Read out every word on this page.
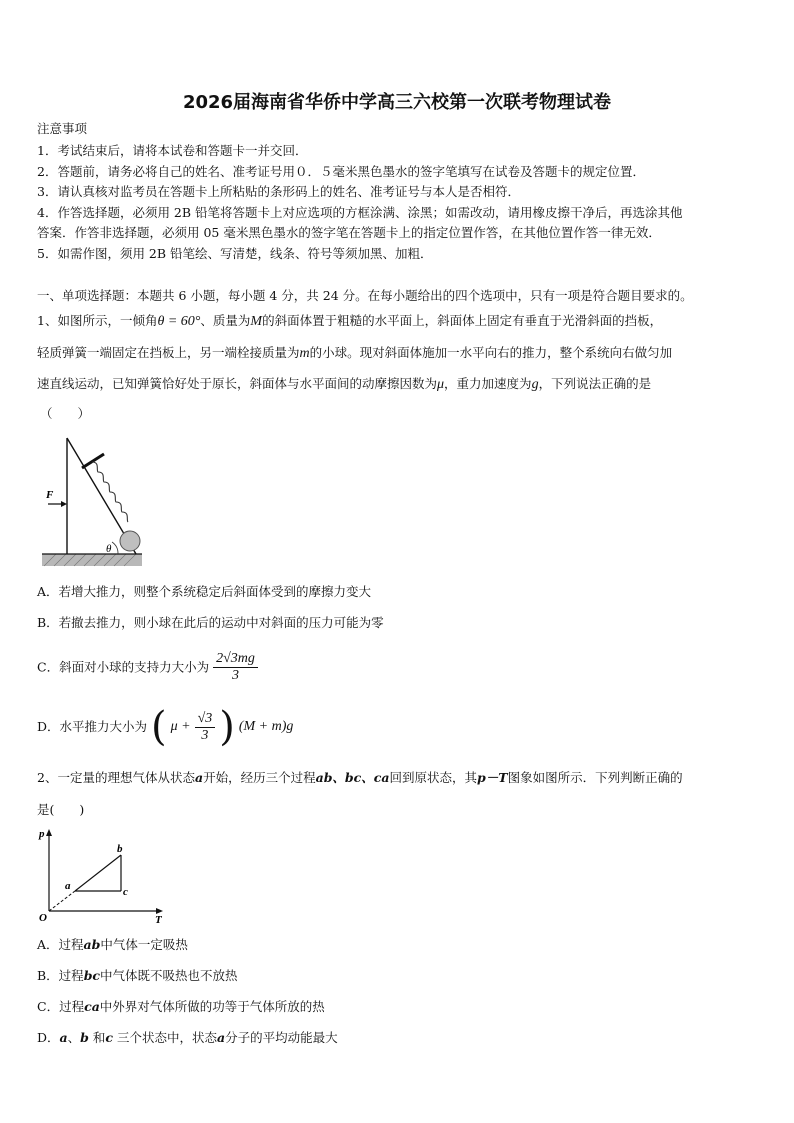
2026届海南省华侨中学高三六校第一次联考物理试卷
注意事项
1．考试结束后，请将本试卷和答题卡一并交回．
2．答题前，请务必将自己的姓名、准考证号用０．５毫米黑色墨水的签字笔填写在试卷及答题卡的规定位置．
3．请认真核对监考员在答题卡上所粘贴的条形码上的姓名、准考证号与本人是否相符．
4．作答选择题，必须用 2B 铅笔将答题卡上对应选项的方框涂满、涂黑；如需改动，请用橡皮擦干净后，再选涂其他
答案．作答非选择题，必须用 05 毫米黑色墨水的签字笔在答题卡上的指定位置作答，在其他位置作答一律无效．
5．如需作图，须用 2B 铅笔绘、写清楚，线条、符号等须加黑、加粗．
一、单项选择题：本题共 6 小题，每小题 4 分，共 24 分。在每小题给出的四个选项中，只有一项是符合题目要求的。
1、如图所示，一倾角θ = 60°、质量为M的斜面体置于粗糙的水平面上，斜面体上固定有垂直于光滑斜面的挡板，
轻质弹簧一端固定在挡板上，另一端栓接质量为m的小球。现对斜面体施加一水平向右的推力，整个系统向右做匀加
速直线运动，已知弹簧恰好处于原长，斜面体与水平面间的动摩擦因数为μ，重力加速度为g，下列说法正确的是
（　　）
F
θ
A．若增大推力，则整个系统稳定后斜面体受到的摩擦力变大
B．若撤去推力，则小球在此后的运动中对斜面的压力可能为零
C．斜面对小球的支持力大小为 $\frac{2√3mg}{3}$
D．水平推力大小为 ( $\mu + \frac{√3}{3}$ ) (M + m)g
2、一定量的理想气体从状态a开始，经历三个过程ab、bc、ca回到原状态，其p－T图象如图所示．下列判断正确的
是(　　)
p
T
O
a
b
c
A．过程ab中气体一定吸热
B．过程bc中气体既不吸热也不放热
C．过程ca中外界对气体所做的功等于气体所放的热
D．a、b 和c 三个状态中，状态a分子的平均动能最大
